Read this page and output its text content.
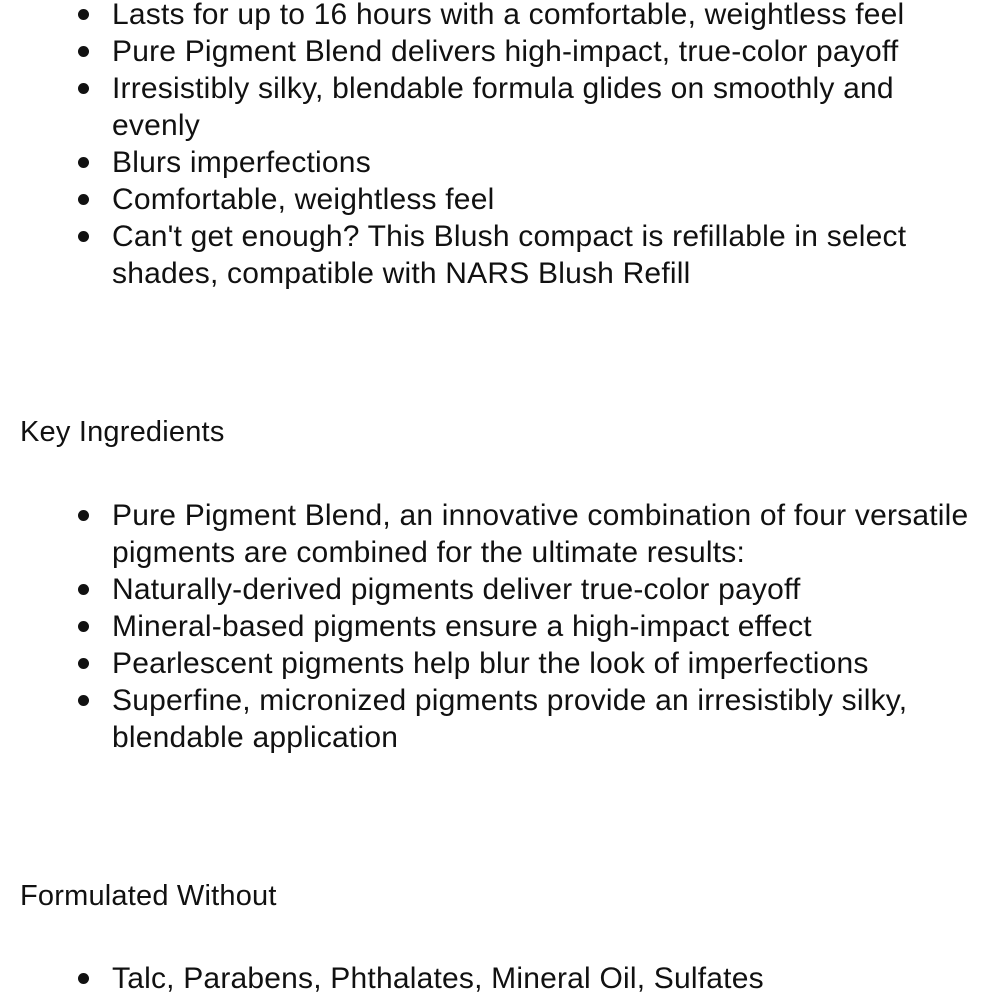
Lasts for up to 16 hours with a comfortable, weightless feel
Pure Pigment Blend delivers high-impact, true-color payoff
Irresistibly silky, blendable formula glides on smoothly and evenly
Blurs imperfections
Comfortable, weightless feel
Can't get enough? This Blush compact is refillable in select shades, compatible with NARS Blush Refill
Key Ingredients
Pure Pigment Blend, an innovative combination of four versatile pigments are combined for the ultimate results:
Naturally-derived pigments deliver true-color payoff
Mineral-based pigments ensure a high-impact effect
Pearlescent pigments help blur the look of imperfections
Superfine, micronized pigments provide an irresistibly silky, blendable application
Formulated Without
Talc, Parabens, Phthalates, Mineral Oil, Sulfates
